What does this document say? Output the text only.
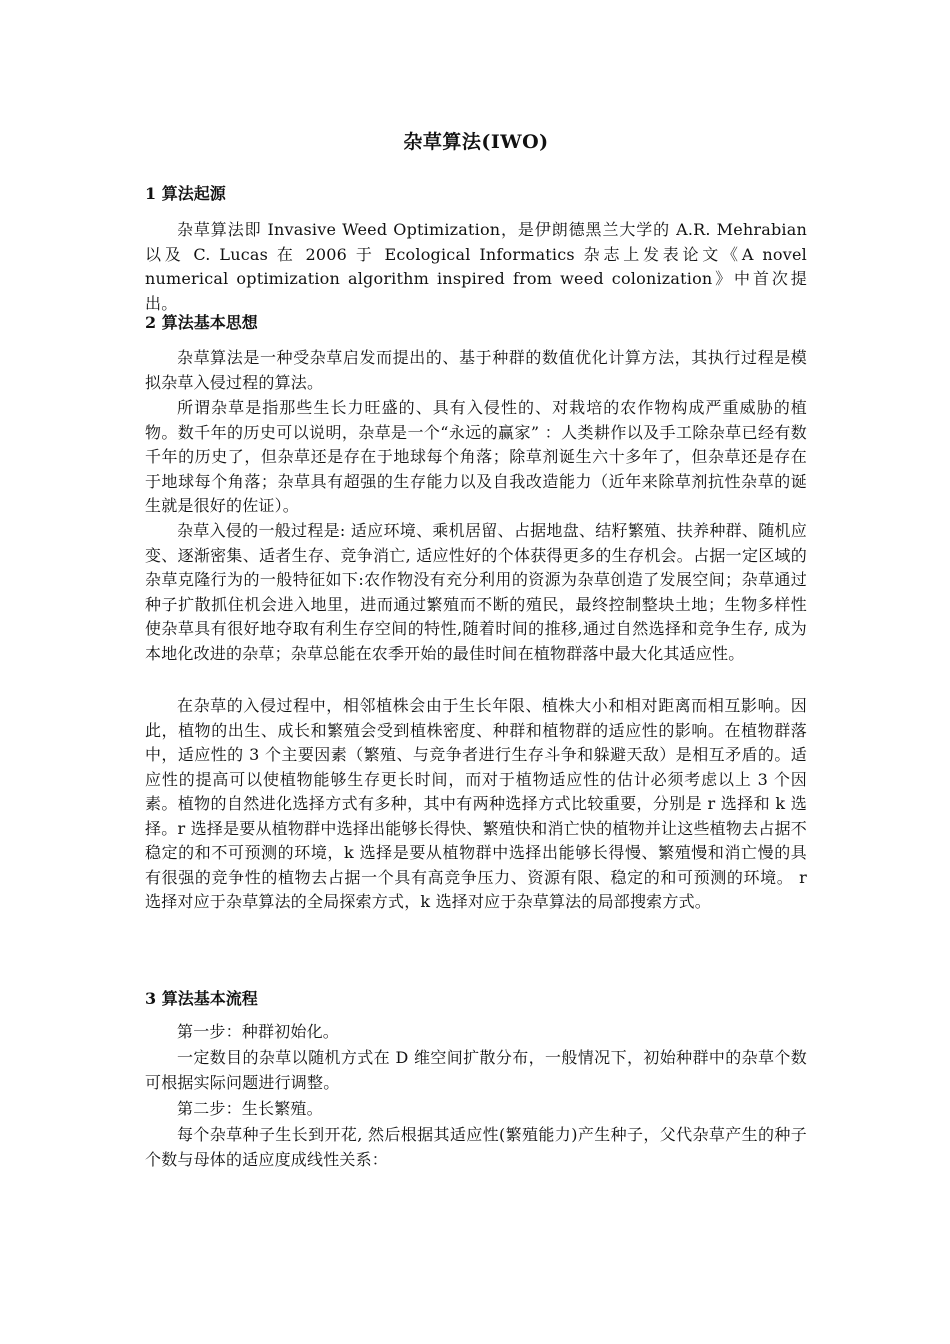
杂草算法(IWO)
1 算法起源
杂草算法即 Invasive Weed Optimization，是伊朗德黑兰大学的 A.R. Mehrabian 以及 C. Lucas 在 2006 于 Ecological Informatics 杂志上发表论文《A novel numerical optimization algorithm inspired from weed colonization》中首次提出。
2 算法基本思想
杂草算法是一种受杂草启发而提出的、基于种群的数值优化计算方法，其执行过程是模拟杂草入侵过程的算法。
所谓杂草是指那些生长力旺盛的、具有入侵性的、对栽培的农作物构成严重威胁的植物。数千年的历史可以说明，杂草是一个“永远的赢家” ：人类耕作以及手工除杂草已经有数千年的历史了，但杂草还是存在于地球每个角落；除草剂诞生六十多年了，但杂草还是存在于地球每个角落；杂草具有超强的生存能力以及自我改造能力（近年来除草剂抗性杂草的诞生就是很好的佐证）。
杂草入侵的一般过程是: 适应环境、乘机居留、占据地盘、结籽繁殖、扶养种群、随机应变、逐渐密集、适者生存、竞争消亡, 适应性好的个体获得更多的生存机会。占据一定区域的杂草克隆行为的一般特征如下:农作物没有充分利用的资源为杂草创造了发展空间；杂草通过种子扩散抓住机会进入地里，进而通过繁殖而不断的殖民，最终控制整块土地；生物多样性使杂草具有很好地夺取有利生存空间的特性,随着时间的推移,通过自然选择和竞争生存, 成为本地化改进的杂草；杂草总能在农季开始的最佳时间在植物群落中最大化其适应性。
在杂草的入侵过程中，相邻植株会由于生长年限、植株大小和相对距离而相互影响。因此，植物的出生、成长和繁殖会受到植株密度、种群和植物群的适应性的影响。在植物群落中，适应性的 3 个主要因素（繁殖、与竞争者进行生存斗争和躲避天敌）是相互矛盾的。适应性的提高可以使植物能够生存更长时间，而对于植物适应性的估计必须考虑以上 3 个因素。植物的自然进化选择方式有多种，其中有两种选择方式比较重要，分别是 r 选择和 k 选择。r 选择是要从植物群中选择出能够长得快、繁殖快和消亡快的植物并让这些植物去占据不稳定的和不可预测的环境，k 选择是要从植物群中选择出能够长得慢、繁殖慢和消亡慢的具有很强的竞争性的植物去占据一个具有高竞争压力、资源有限、稳定的和可预测的环境。 r 选择对应于杂草算法的全局探索方式，k 选择对应于杂草算法的局部搜索方式。
3 算法基本流程
第一步：种群初始化。
一定数目的杂草以随机方式在 D 维空间扩散分布，一般情况下，初始种群中的杂草个数可根据实际问题进行调整。
第二步：生长繁殖。
每个杂草种子生长到开花, 然后根据其适应性(繁殖能力)产生种子，父代杂草产生的种子个数与母体的适应度成线性关系：
